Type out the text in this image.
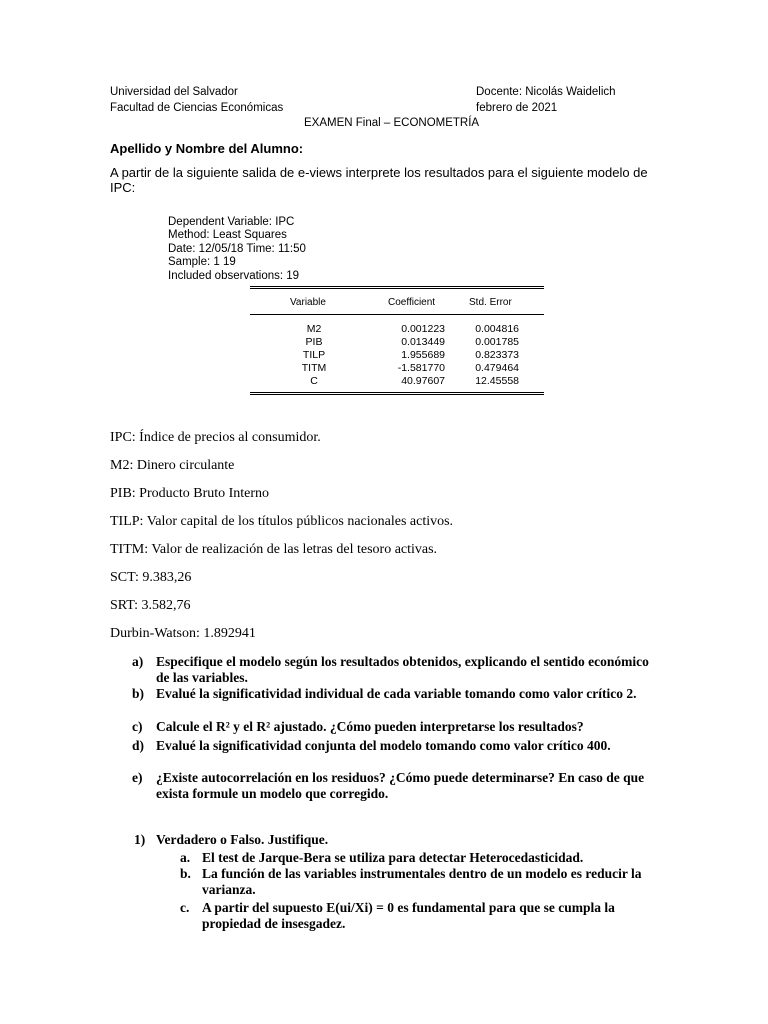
Universidad del Salvador
Facultad de Ciencias Económicas
Docente: Nicolás Waidelich
febrero de 2021
EXAMEN Final – ECONOMETRÍA
Apellido y Nombre del Alumno:
A partir de la siguiente salida de e-views interprete los resultados para el siguiente modelo de
IPC:
Dependent Variable: IPC
Method: Least Squares
Date: 12/05/18 Time: 11:50
Sample: 1 19
Included observations: 19
Variable	Coefficient	Std. Error
M2	0.001223	0.004816
PIB	0.013449	0.001785
TILP	1.955689	0.823373
TITM	-1.581770	0.479464
C	40.97607	12.45558
IPC: Índice de precios al consumidor.
M2: Dinero circulante
PIB: Producto Bruto Interno
TILP: Valor capital de los títulos públicos nacionales activos.
TITM: Valor de realización de las letras del tesoro activas.
SCT: 9.383,26
SRT: 3.582,76
Durbin-Watson: 1.892941
a) Especifique el modelo según los resultados obtenidos, explicando el sentido económico de las variables.
b) Evalué la significatividad individual de cada variable tomando como valor crítico 2.
c) Calcule el R² y el R² ajustado. ¿Cómo pueden interpretarse los resultados?
d) Evalué la significatividad conjunta del modelo tomando como valor crítico 400.
e) ¿Existe autocorrelación en los residuos? ¿Cómo puede determinarse? En caso de que exista formule un modelo que corregido.
1) Verdadero o Falso. Justifique.
a. El test de Jarque-Bera se utiliza para detectar Heterocedasticidad.
b. La función de las variables instrumentales dentro de un modelo es reducir la varianza.
c. A partir del supuesto E(ui/Xi) = 0 es fundamental para que se cumpla la propiedad de insesgadez.
